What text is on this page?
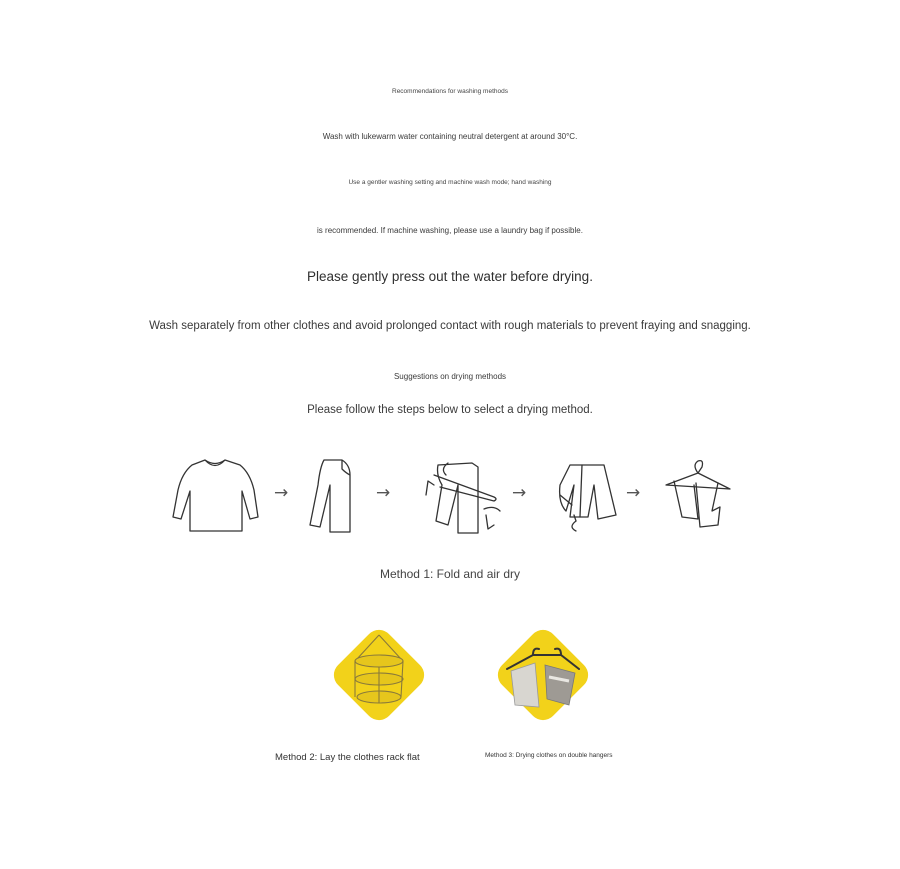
Recommendations for washing methods
Wash with lukewarm water containing neutral detergent at around 30°C.
Use a gentler washing setting and machine wash mode; hand washing
is recommended. If machine washing, please use a laundry bag if possible.
Please gently press out the water before drying.
Wash separately from other clothes and avoid prolonged contact with rough materials to prevent fraying and snagging.
Suggestions on drying methods
Please follow the steps below to select a drying method.
→	→	→	→
Method 1: Fold and air dry
Method 2: Lay the clothes rack flat	Method 3: Drying clothes on double hangers
